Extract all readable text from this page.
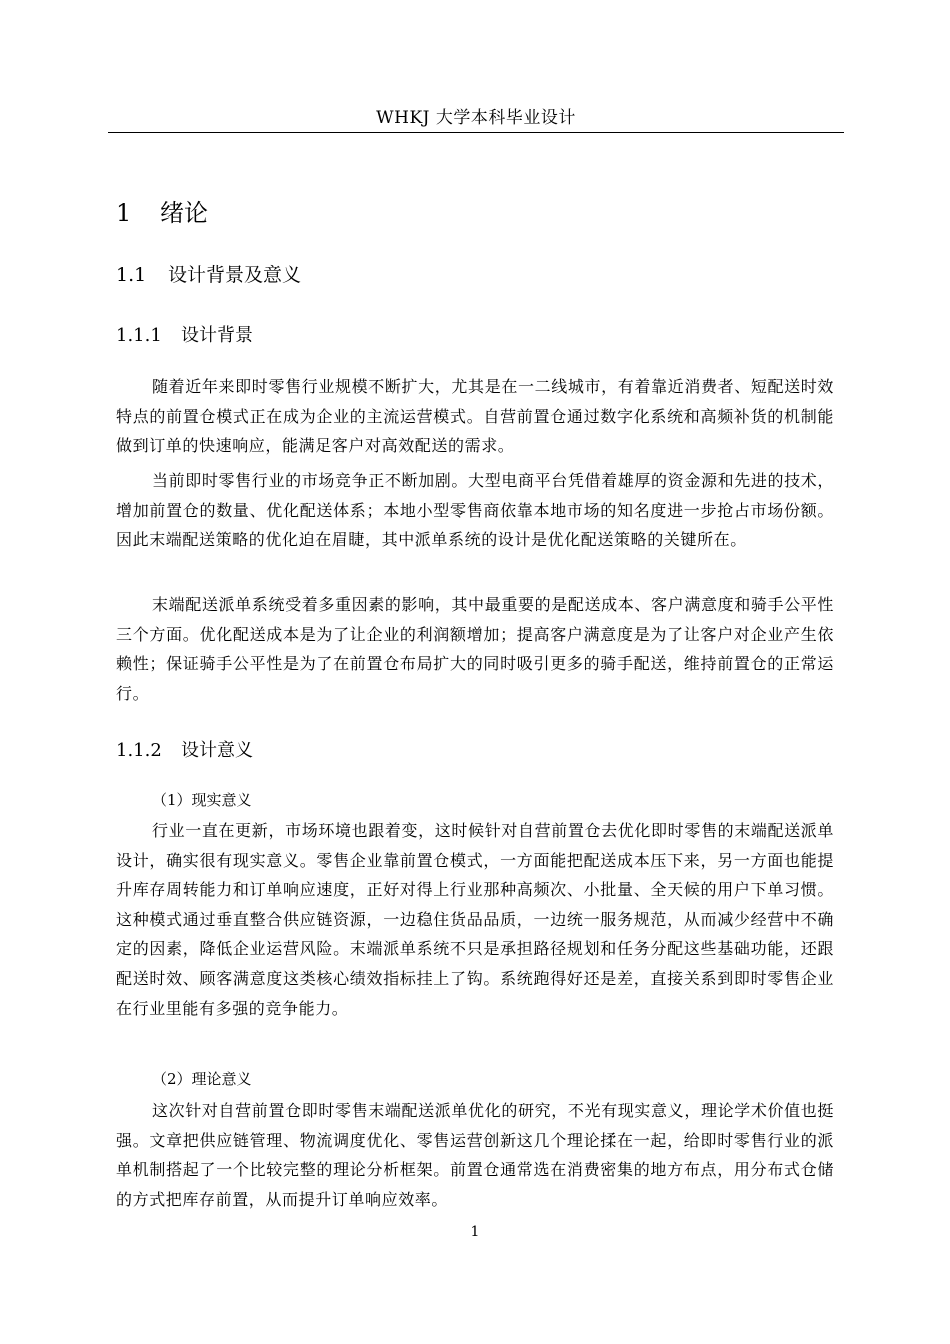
WHKJ 大学本科毕业设计
1 绪论
1.1 设计背景及意义
1.1.1 设计背景

随着近年来即时零售行业规模不断扩大，尤其是在一二线城市，有着靠近消费者、短配送时效特点的前置仓模式正在成为企业的主流运营模式。自营前置仓通过数字化系统和高频补货的机制能做到订单的快速响应，能满足客户对高效配送的需求。

当前即时零售行业的市场竞争正不断加剧。大型电商平台凭借着雄厚的资金源和先进的技术，增加前置仓的数量、优化配送体系；本地小型零售商依靠本地市场的知名度进一步抢占市场份额。因此末端配送策略的优化迫在眉睫，其中派单系统的设计是优化配送策略的关键所在。

末端配送派单系统受着多重因素的影响，其中最重要的是配送成本、客户满意度和骑手公平性三个方面。优化配送成本是为了让企业的利润额增加；提高客户满意度是为了让客户对企业产生依赖性；保证骑手公平性是为了在前置仓布局扩大的同时吸引更多的骑手配送，维持前置仓的正常运行。

1.1.2 设计意义

（1）现实意义

行业一直在更新，市场环境也跟着变，这时候针对自营前置仓去优化即时零售的末端配送派单设计，确实很有现实意义。零售企业靠前置仓模式，一方面能把配送成本压下来，另一方面也能提升库存周转能力和订单响应速度，正好对得上行业那种高频次、小批量、全天候的用户下单习惯。这种模式通过垂直整合供应链资源，一边稳住货品品质，一边统一服务规范，从而减少经营中不确定的因素，降低企业运营风险。末端派单系统不只是承担路径规划和任务分配这些基础功能，还跟配送时效、顾客满意度这类核心绩效指标挂上了钩。系统跑得好还是差，直接关系到即时零售企业在行业里能有多强的竞争能力。

（2）理论意义

这次针对自营前置仓即时零售末端配送派单优化的研究，不光有现实意义，理论学术价值也挺强。文章把供应链管理、物流调度优化、零售运营创新这几个理论揉在一起，给即时零售行业的派单机制搭起了一个比较完整的理论分析框架。前置仓通常选在消费密集的地方布点，用分布式仓储的方式把库存前置，从而提升订单响应效率。

1
